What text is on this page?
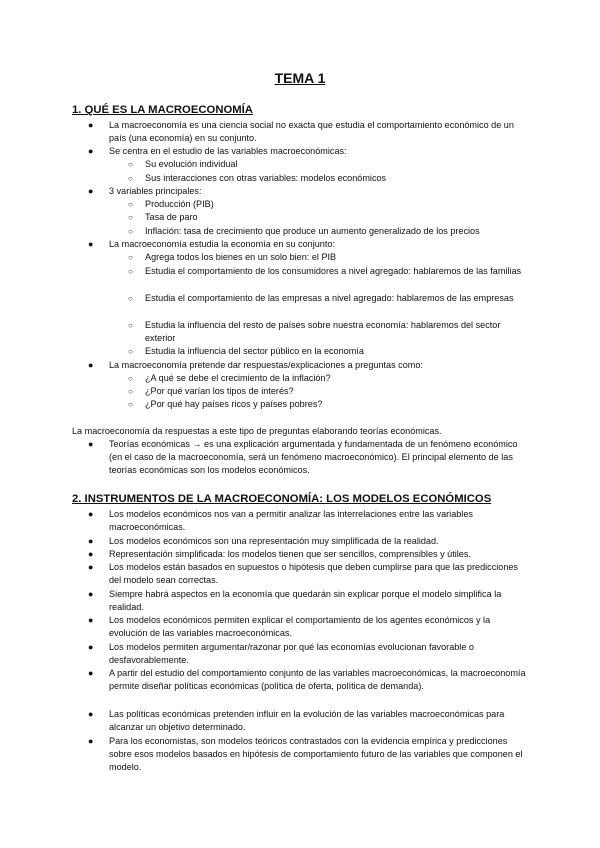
TEMA 1
1. QUÉ ES LA MACROECONOMÍA
●	La macroeconomía es una ciencia social no exacta que estudia el comportamiento económico de un país (una economía) en su conjunto.
●	Se centra en el estudio de las variables macroeconómicas:
○	Su evolución individual
○	Sus interacciones con otras variables: modelos económicos
●	3 variables principales:
○	Producción (PIB)
○	Tasa de paro
○	Inflación: tasa de crecimiento que produce un aumento generalizado de los precios
●	La macroeconomía estudia la economía en su conjunto:
○	Agrega todos los bienes en un solo bien: el PIB
○	Estudia el comportamiento de los consumidores a nivel agregado: hablaremos de las familias
○	Estudia el comportamiento de las empresas a nivel agregado: hablaremos de las empresas
○	Estudia la influencia del resto de países sobre nuestra economía: hablaremos del sector exterior
○	Estudia la influencia del sector público en la economía
●	La macroeconomía pretende dar respuestas/explicaciones a preguntas como:
○	¿A qué se debe el crecimiento de la inflación?
○	¿Por qué varían los tipos de interés?
○	¿Por qué hay países ricos y países pobres?
La macroeconomía da respuestas a este tipo de preguntas elaborando teorías económicas.
●	Teorías económicas → es una explicación argumentada y fundamentada de un fenómeno económico (en el caso de la macroeconomía, será un fenómeno macroeconómico). El principal elemento de las teorías económicas son los modelos económicos.
2. INSTRUMENTOS DE LA MACROECONOMÍA: LOS MODELOS ECONÓMICOS
●	Los modelos económicos nos van a permitir analizar las interrelaciones entre las variables macroeconómicas.
●	Los modelos económicos son una representación muy simplificada de la realidad.
●	Representación simplificada: los modelos tienen que ser sencillos, comprensibles y útiles.
●	Los modelos están basados en supuestos o hipótesis que deben cumplirse para que las predicciones del modelo sean correctas.
●	Siempre habrá aspectos en la economía que quedarán sin explicar porque el modelo simplifica la realidad.
●	Los modelos económicos permiten explicar el comportamiento de los agentes económicos y la evolución de las variables macroeconómicas.
●	Los modelos permiten argumentar/razonar por qué las economías evolucionan favorable o desfavorablemente.
●	A partir del estudio del comportamiento conjunto de las variables macroeconómicas, la macroeconomía permite diseñar políticas económicas (política de oferta, política de demanda).
●	Las políticas económicas pretenden influir en la evolución de las variables macroeconómicas para alcanzar un objetivo determinado.
●	Para los economistas, son modelos teóricos contrastados con la evidencia empírica y predicciones sobre esos modelos basados en hipótesis de comportamiento futuro de las variables que componen el modelo.
